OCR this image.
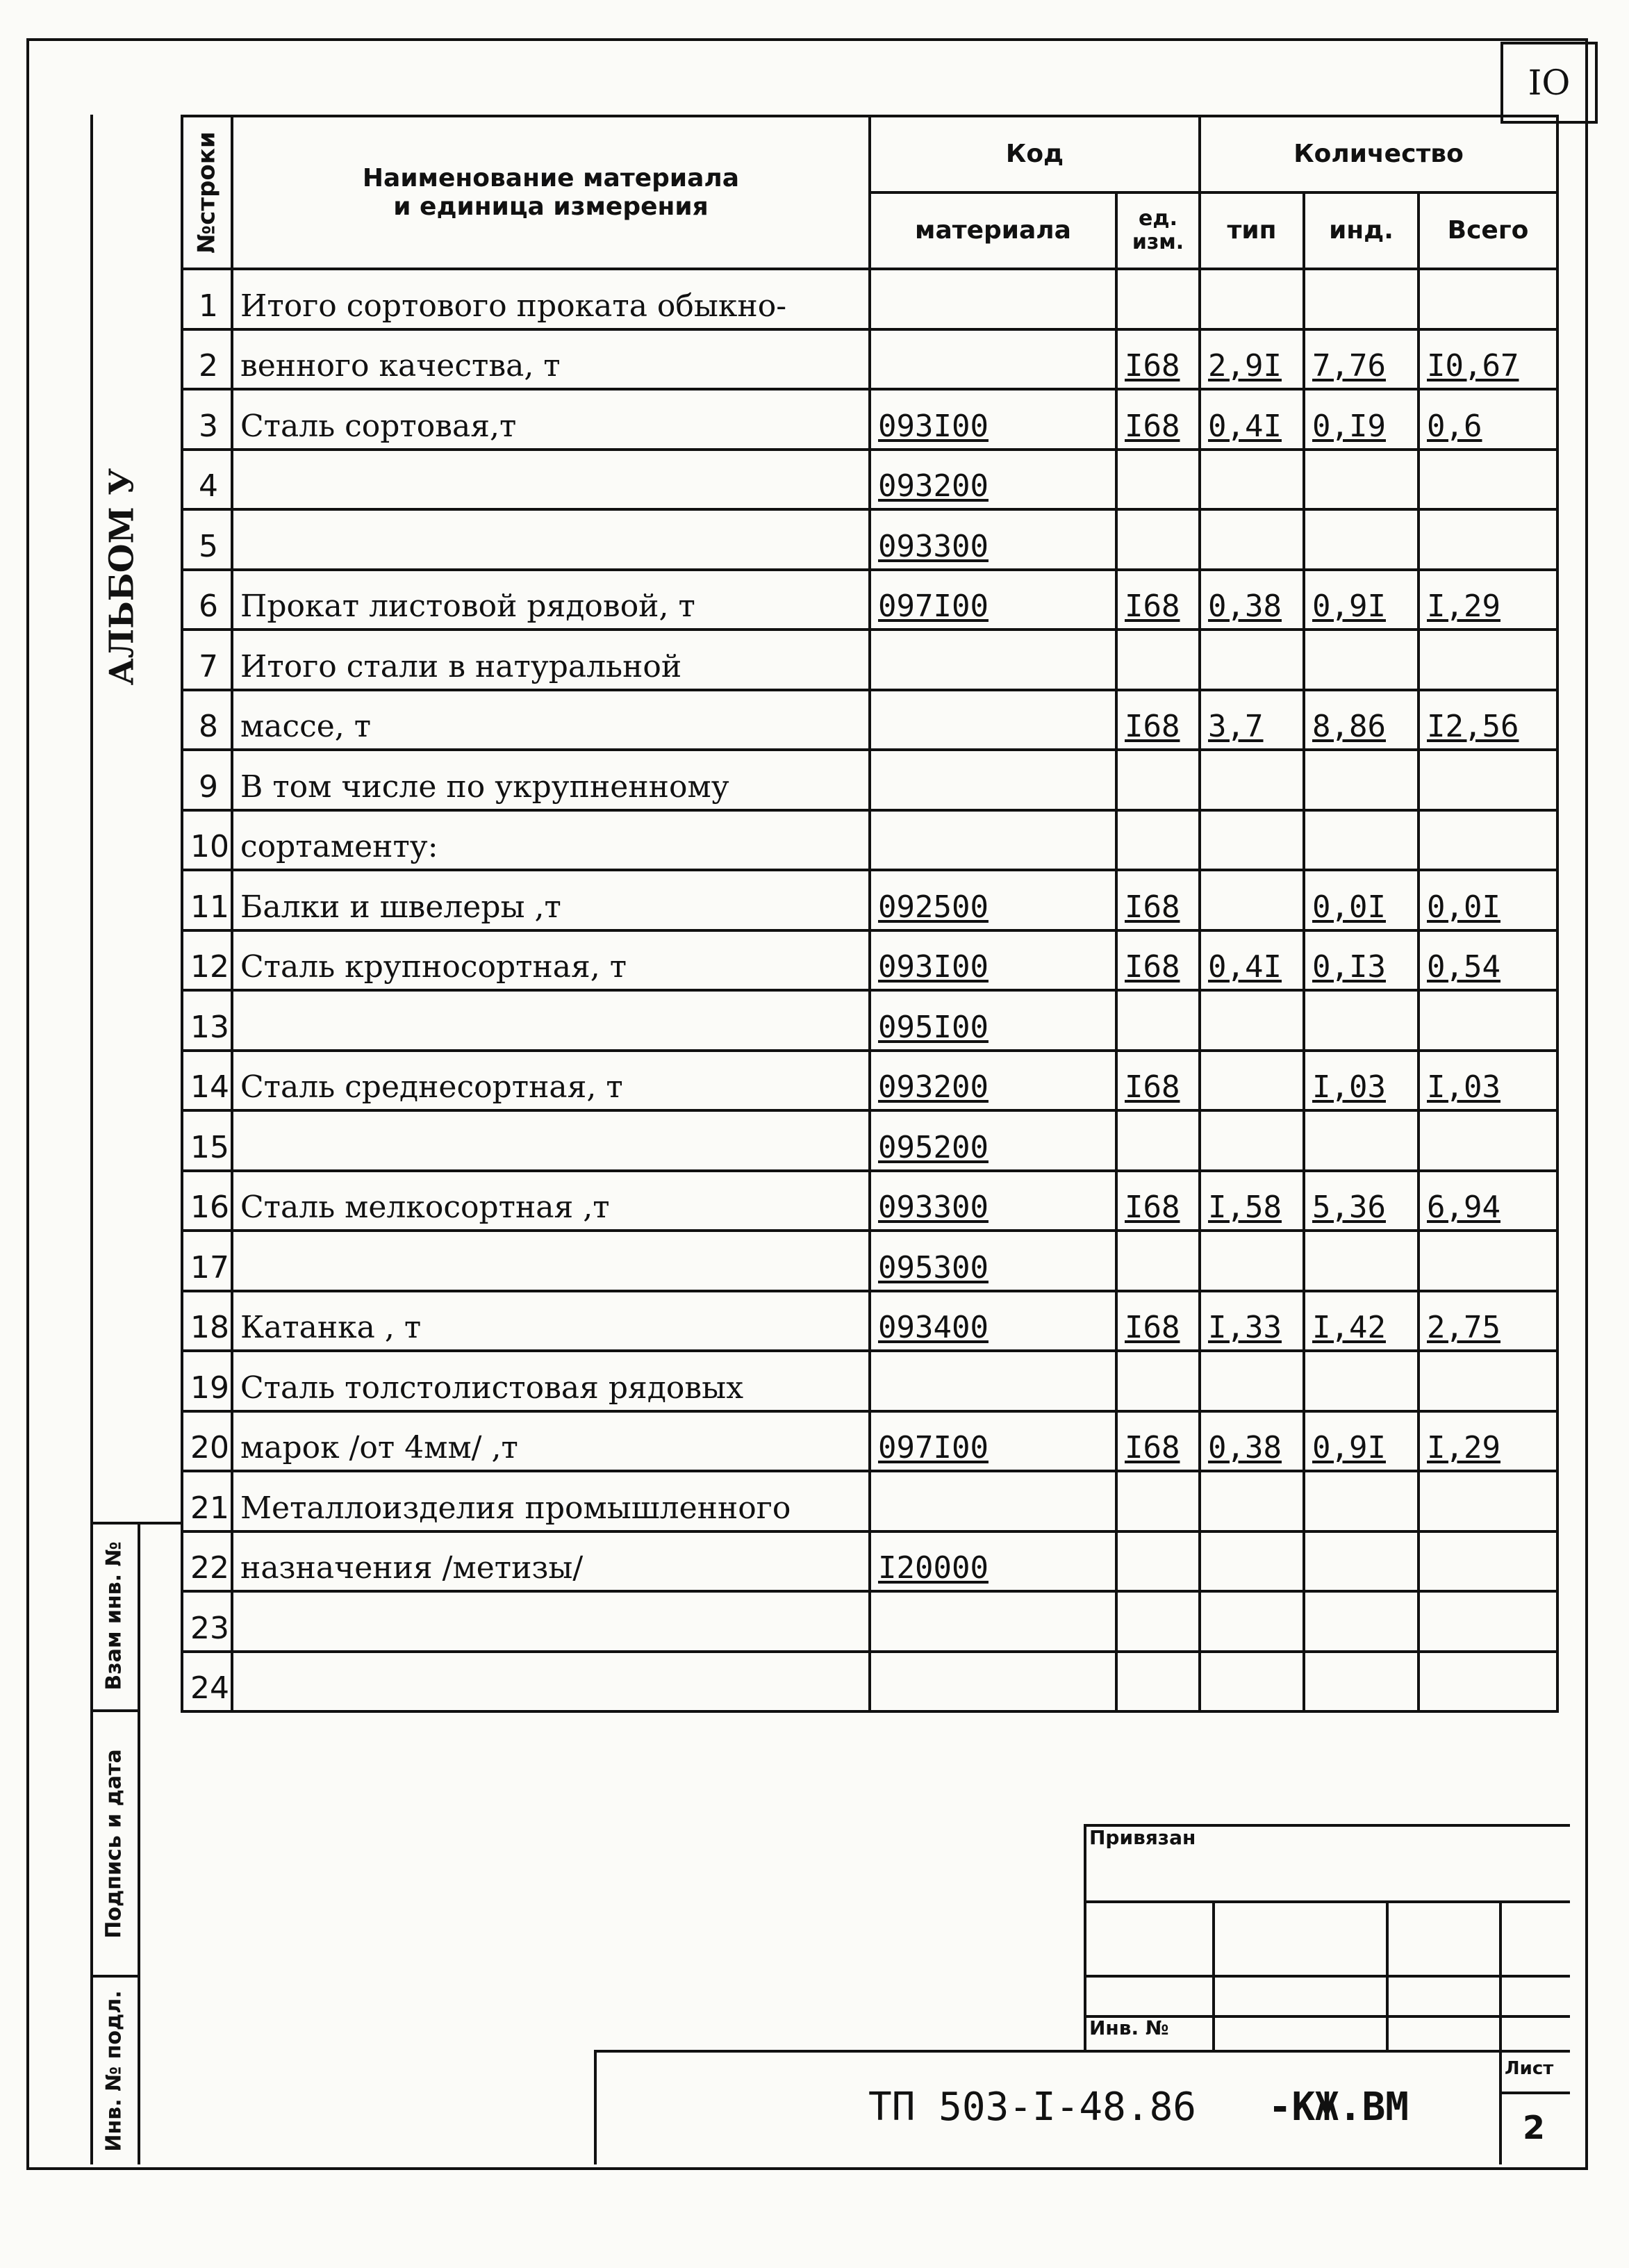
IO
АЛЬБОМ У
№строки	Наименование материала
и единица измерения	Код		Количество		
		материала	ед. изм.	тип	инд.	Всего
1	Итого сортового проката обыкно-					
2	венного качества, т		I68	2,9I	7,76	I0,67
3	Сталь сортовая,т	093I00	I68	0,4I	0,I9	0,6
4		093200				
5		093300				
6	Прокат листовой рядовой, т	097I00	I68	0,38	0,9I	I,29
7	Итого стали в натуральной					
8	массе, т		I68	3,7	8,86	I2,56
9	В том числе по укрупненному					
10	сортаменту:					
11	Балки и швелеры ,т	092500	I68		0,0I	0,0I
12	Сталь крупносортная, т	093I00	I68	0,4I	0,I3	0,54
13		095I00				
14	Сталь среднесортная, т	093200	I68		I,03	I,03
15		095200				
16	Сталь мелкосортная ,т	093300	I68	I,58	5,36	6,94
17		095300				
18	Катанка , т	093400	I68	I,33	I,42	2,75
19	Сталь толстолистовая рядовых					
20	марок /от 4мм/ ,т	097I00	I68	0,38	0,9I	I,29
21	Металлоизделия промышленного					
22	назначения /метизы/	I20000				
23						
24						
Взам инв. №
Подпись и дата
Инв. № подл.
Привязан
Инв. №
ТП 503-I-48.86 -КЖ.ВМ
Лист
2
